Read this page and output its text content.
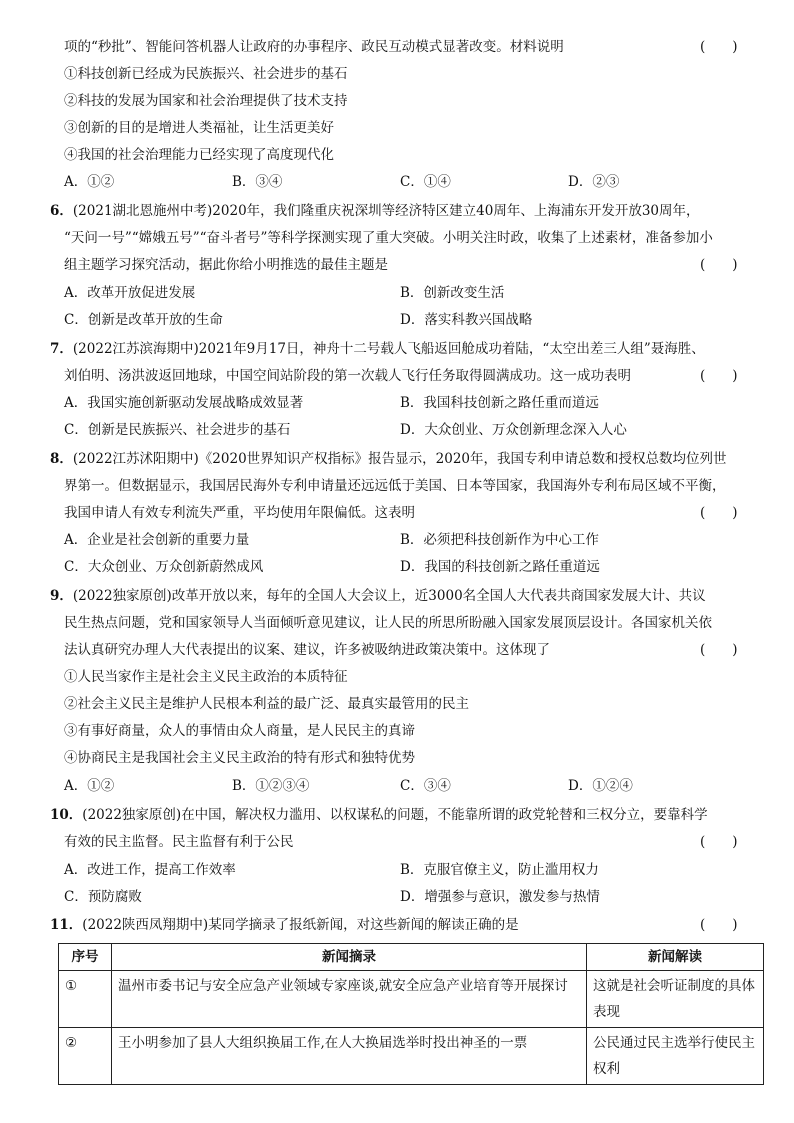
项的“秒批”、智能问答机器人让政府的办事程序、政民互动模式显著改变。材料说明	(　　)
①科技创新已经成为民族振兴、社会进步的基石
②科技的发展为国家和社会治理提供了技术支持
③创新的目的是增进人类福祉，让生活更美好
④我国的社会治理能力已经实现了高度现代化
A．①②	B．③④	C．①④	D．②③
6．(2021湖北恩施州中考)2020年，我们隆重庆祝深圳等经济特区建立40周年、上海浦东开发开放30周年，
“天问一号”“嫦娥五号”“奋斗者号”等科学探测实现了重大突破。小明关注时政，收集了上述素材，准备参加小
组主题学习探究活动，据此你给小明推选的最佳主题是	(　　)
A．改革开放促进发展	B．创新改变生活
C．创新是改革开放的生命	D．落实科教兴国战略
7．(2022江苏滨海期中)2021年9月17日，神舟十二号载人飞船返回舱成功着陆，“太空出差三人组”聂海胜、
刘伯明、汤洪波返回地球，中国空间站阶段的第一次载人飞行任务取得圆满成功。这一成功表明	(　　)
A．我国实施创新驱动发展战略成效显著	B．我国科技创新之路任重而道远
C．创新是民族振兴、社会进步的基石	D．大众创业、万众创新理念深入人心
8．(2022江苏沭阳期中)《2020世界知识产权指标》报告显示，2020年，我国专利申请总数和授权总数均位列世
界第一。但数据显示，我国居民海外专利申请量还远远低于美国、日本等国家，我国海外专利布局区域不平衡，
我国申请人有效专利流失严重，平均使用年限偏低。这表明	(　　)
A．企业是社会创新的重要力量	B．必须把科技创新作为中心工作
C．大众创业、万众创新蔚然成风	D．我国的科技创新之路任重道远
9．(2022独家原创)改革开放以来，每年的全国人大会议上，近3000名全国人大代表共商国家发展大计、共议
民生热点问题，党和国家领导人当面倾听意见建议，让人民的所思所盼融入国家发展顶层设计。各国家机关依
法认真研究办理人大代表提出的议案、建议，许多被吸纳进政策决策中。这体现了	(　　)
①人民当家作主是社会主义民主政治的本质特征
②社会主义民主是维护人民根本利益的最广泛、最真实最管用的民主
③有事好商量，众人的事情由众人商量，是人民民主的真谛
④协商民主是我国社会主义民主政治的特有形式和独特优势
A．①②	B．①②③④	C．③④	D．①②④
10．(2022独家原创)在中国，解决权力滥用、以权谋私的问题，不能靠所谓的政党轮替和三权分立，要靠科学
有效的民主监督。民主监督有利于公民	(　　)
A．改进工作，提高工作效率	B．克服官僚主义，防止滥用权力
C．预防腐败	D．增强参与意识，激发参与热情
11．(2022陕西凤翔期中)某同学摘录了报纸新闻，对这些新闻的解读正确的是	(　　)
序号	新闻摘录	新闻解读
①	温州市委书记与安全应急产业领域专家座谈,就安全应急产业培育等开展探讨	这就是社会听证制度的具体表现
②	王小明参加了县人大组织换届工作,在人大换届选举时投出神圣的一票	公民通过民主选举行使民主权利
